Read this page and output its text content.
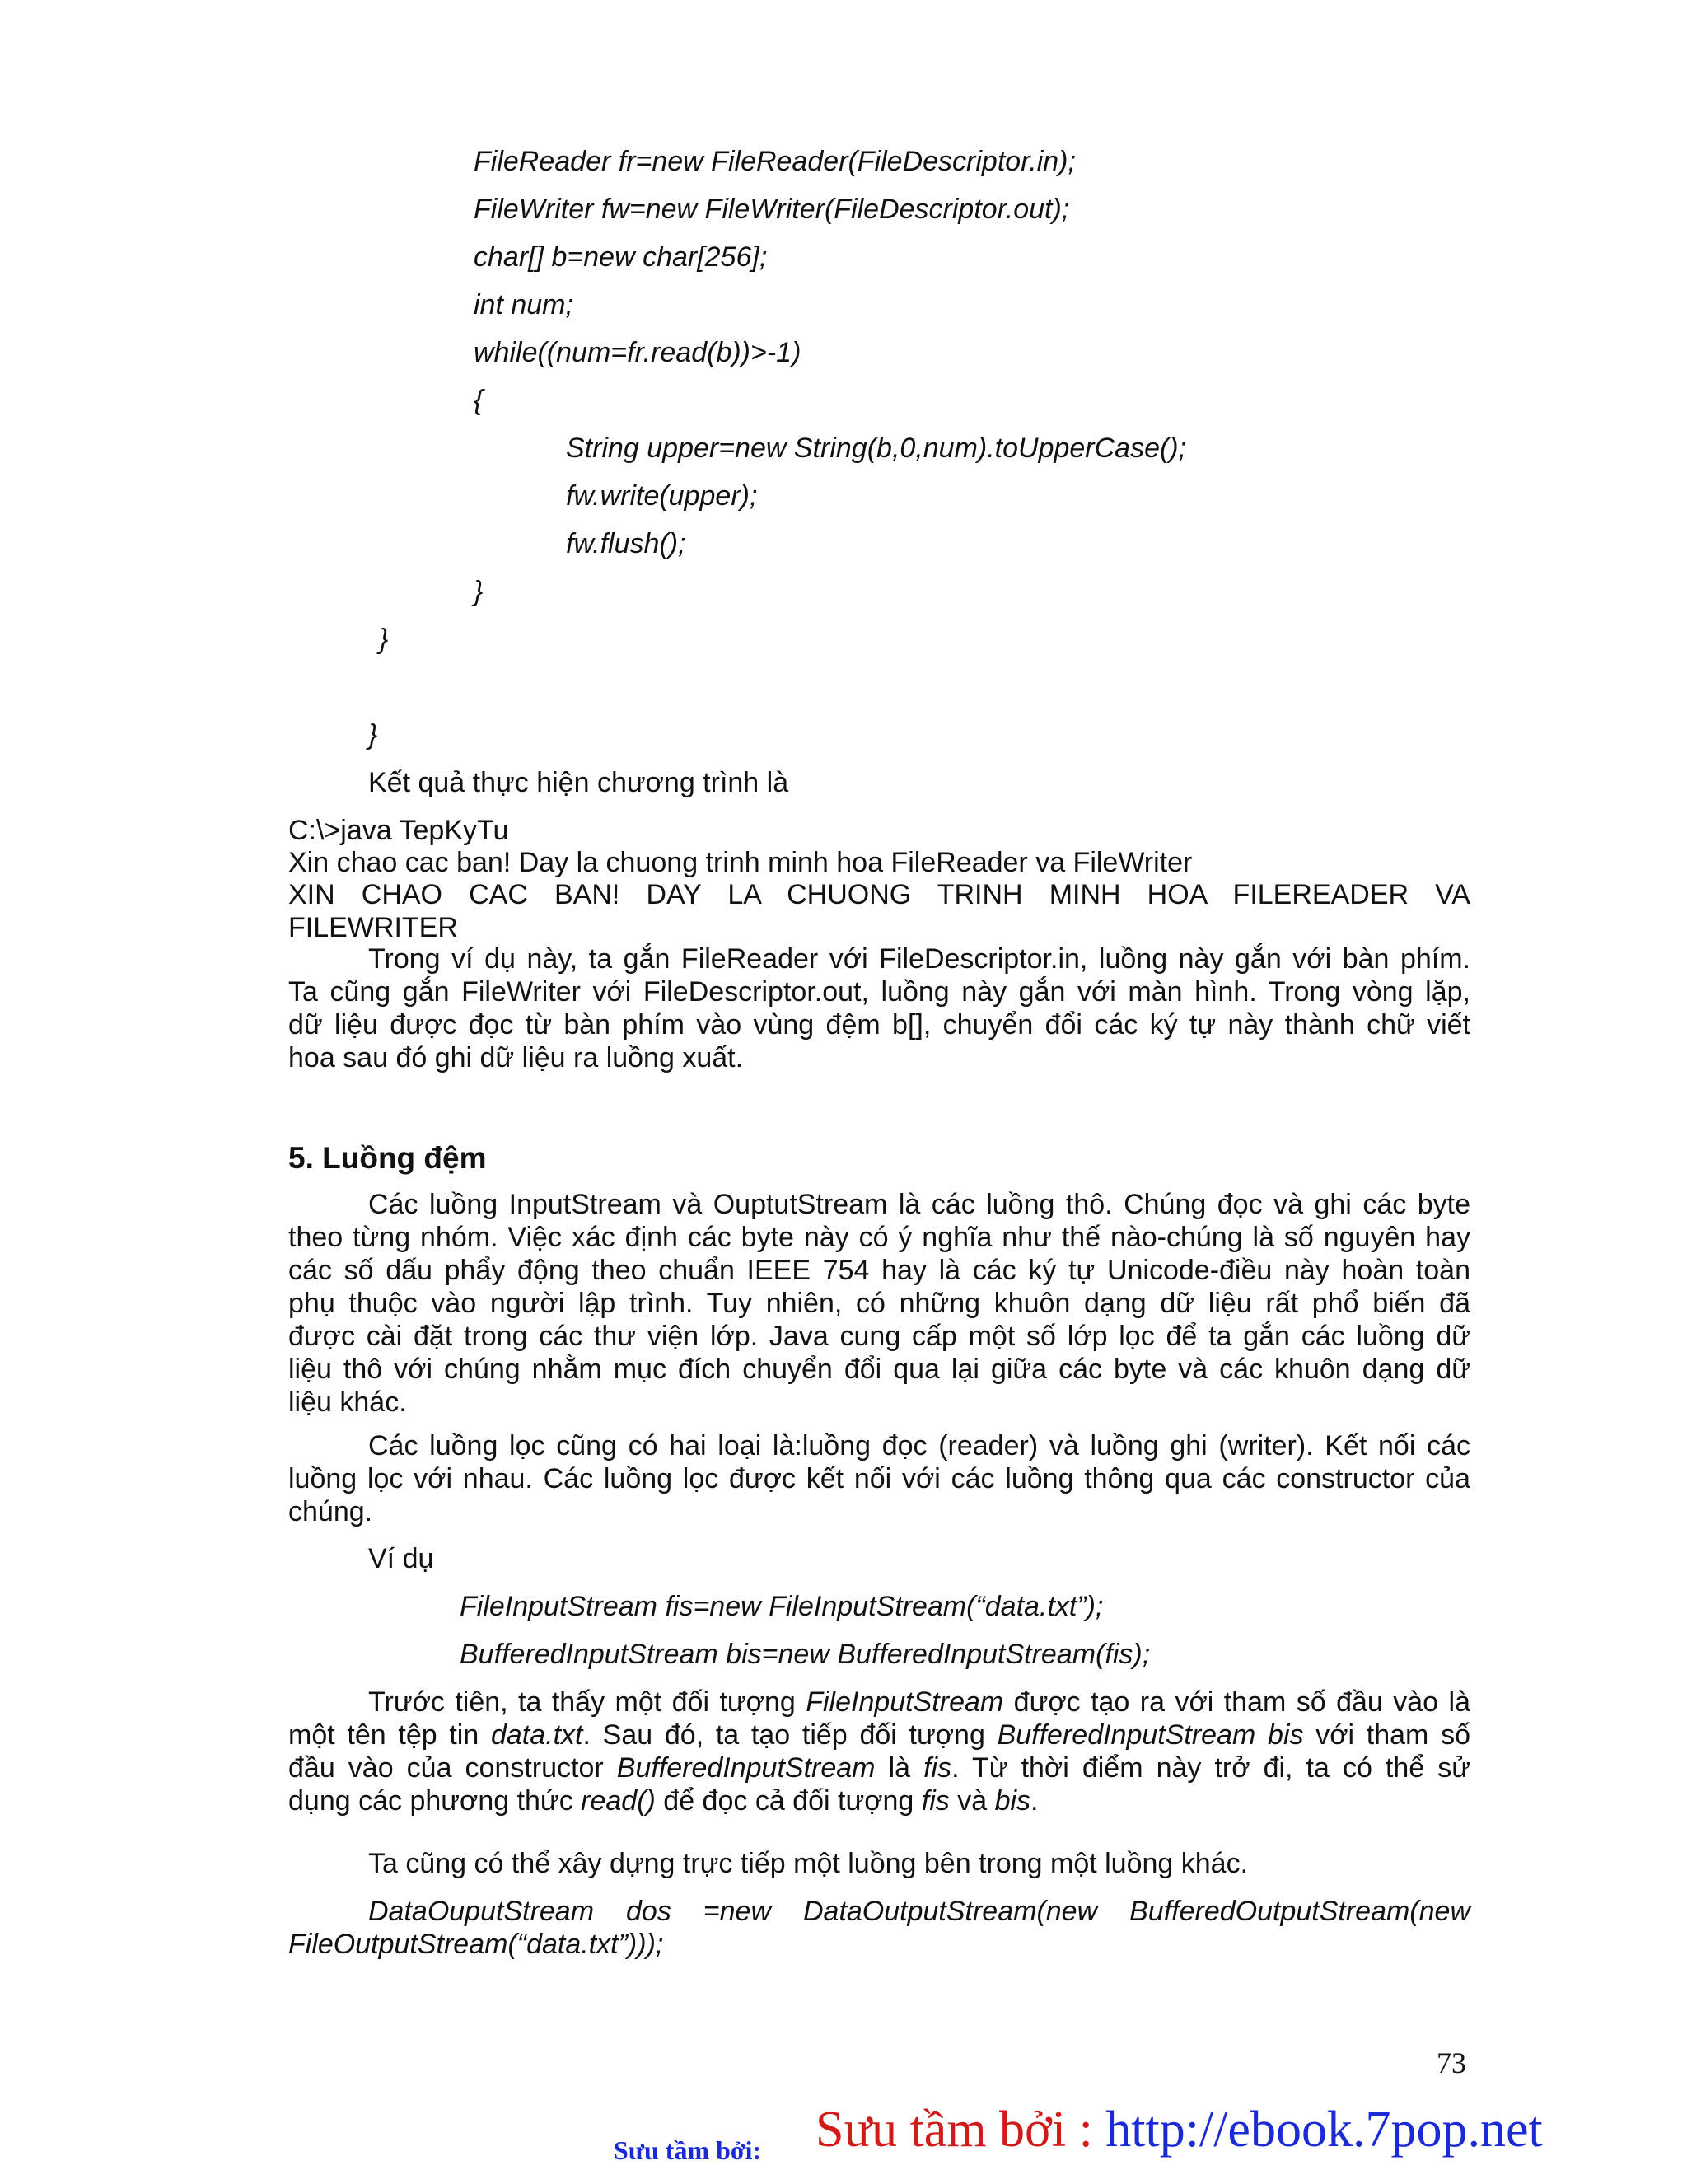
FileReader fr=new FileReader(FileDescriptor.in);
FileWriter fw=new FileWriter(FileDescriptor.out);
char[] b=new char[256];
int num;
while((num=fr.read(b))>-1)
{
String upper=new String(b,0,num).toUpperCase();
fw.write(upper);
fw.flush();
}
}
}
Kết quả thực hiện chương trình là
C:\>java TepKyTu
Xin chao cac ban! Day la chuong trinh minh hoa FileReader va FileWriter
XIN CHAO CAC BAN! DAY LA CHUONG TRINH MINH HOA FILEREADER VA
FILEWRITER
Trong ví dụ này, ta gắn FileReader với FileDescriptor.in, luồng này gắn với bàn phím.
Ta cũng gắn FileWriter với FileDescriptor.out, luồng này gắn với màn hình. Trong vòng lặp,
dữ liệu được đọc từ bàn phím vào vùng đệm b[], chuyển đổi các ký tự này thành chữ viết
hoa sau đó ghi dữ liệu ra luồng xuất.
5. Luồng đệm
Các luồng InputStream và OuptutStream là các luồng thô. Chúng đọc và ghi các byte
theo từng nhóm. Việc xác định các byte này có ý nghĩa như thế nào-chúng là số nguyên hay
các số dấu phẩy động theo chuẩn IEEE 754 hay là các ký tự Unicode-điều này hoàn toàn
phụ thuộc vào người lập trình. Tuy nhiên, có những khuôn dạng dữ liệu rất phổ biến đã
được cài đặt trong các thư viện lớp. Java cung cấp một số lớp lọc để ta gắn các luồng dữ
liệu thô với chúng nhằm mục đích chuyển đổi qua lại giữa các byte và các khuôn dạng dữ
liệu khác.
Các luồng lọc cũng có hai loại là:luồng đọc (reader) và luồng ghi (writer). Kết nối các
luồng lọc với nhau. Các luồng lọc được kết nối với các luồng thông qua các constructor của
chúng.
Ví dụ
FileInputStream fis=new FileInputStream(“data.txt”);
BufferedInputStream bis=new BufferedInputStream(fis);
Trước tiên, ta thấy một đối tượng FileInputStream được tạo ra với tham số đầu vào là
một tên tệp tin data.txt. Sau đó, ta tạo tiếp đối tượng BufferedInputStream bis với tham số
đầu vào của constructor BufferedInputStream là fis. Từ thời điểm này trở đi, ta có thể sử
dụng các phương thức read() để đọc cả đối tượng fis và bis.
Ta cũng có thể xây dựng trực tiếp một luồng bên trong một luồng khác.
DataOuputStream dos =new DataOutputStream(new BufferedOutputStream(new
FileOutputStream(“data.txt”)));
73
Sưu tầm bởi : http://ebook.7pop.net
Sưu tầm bởi:
